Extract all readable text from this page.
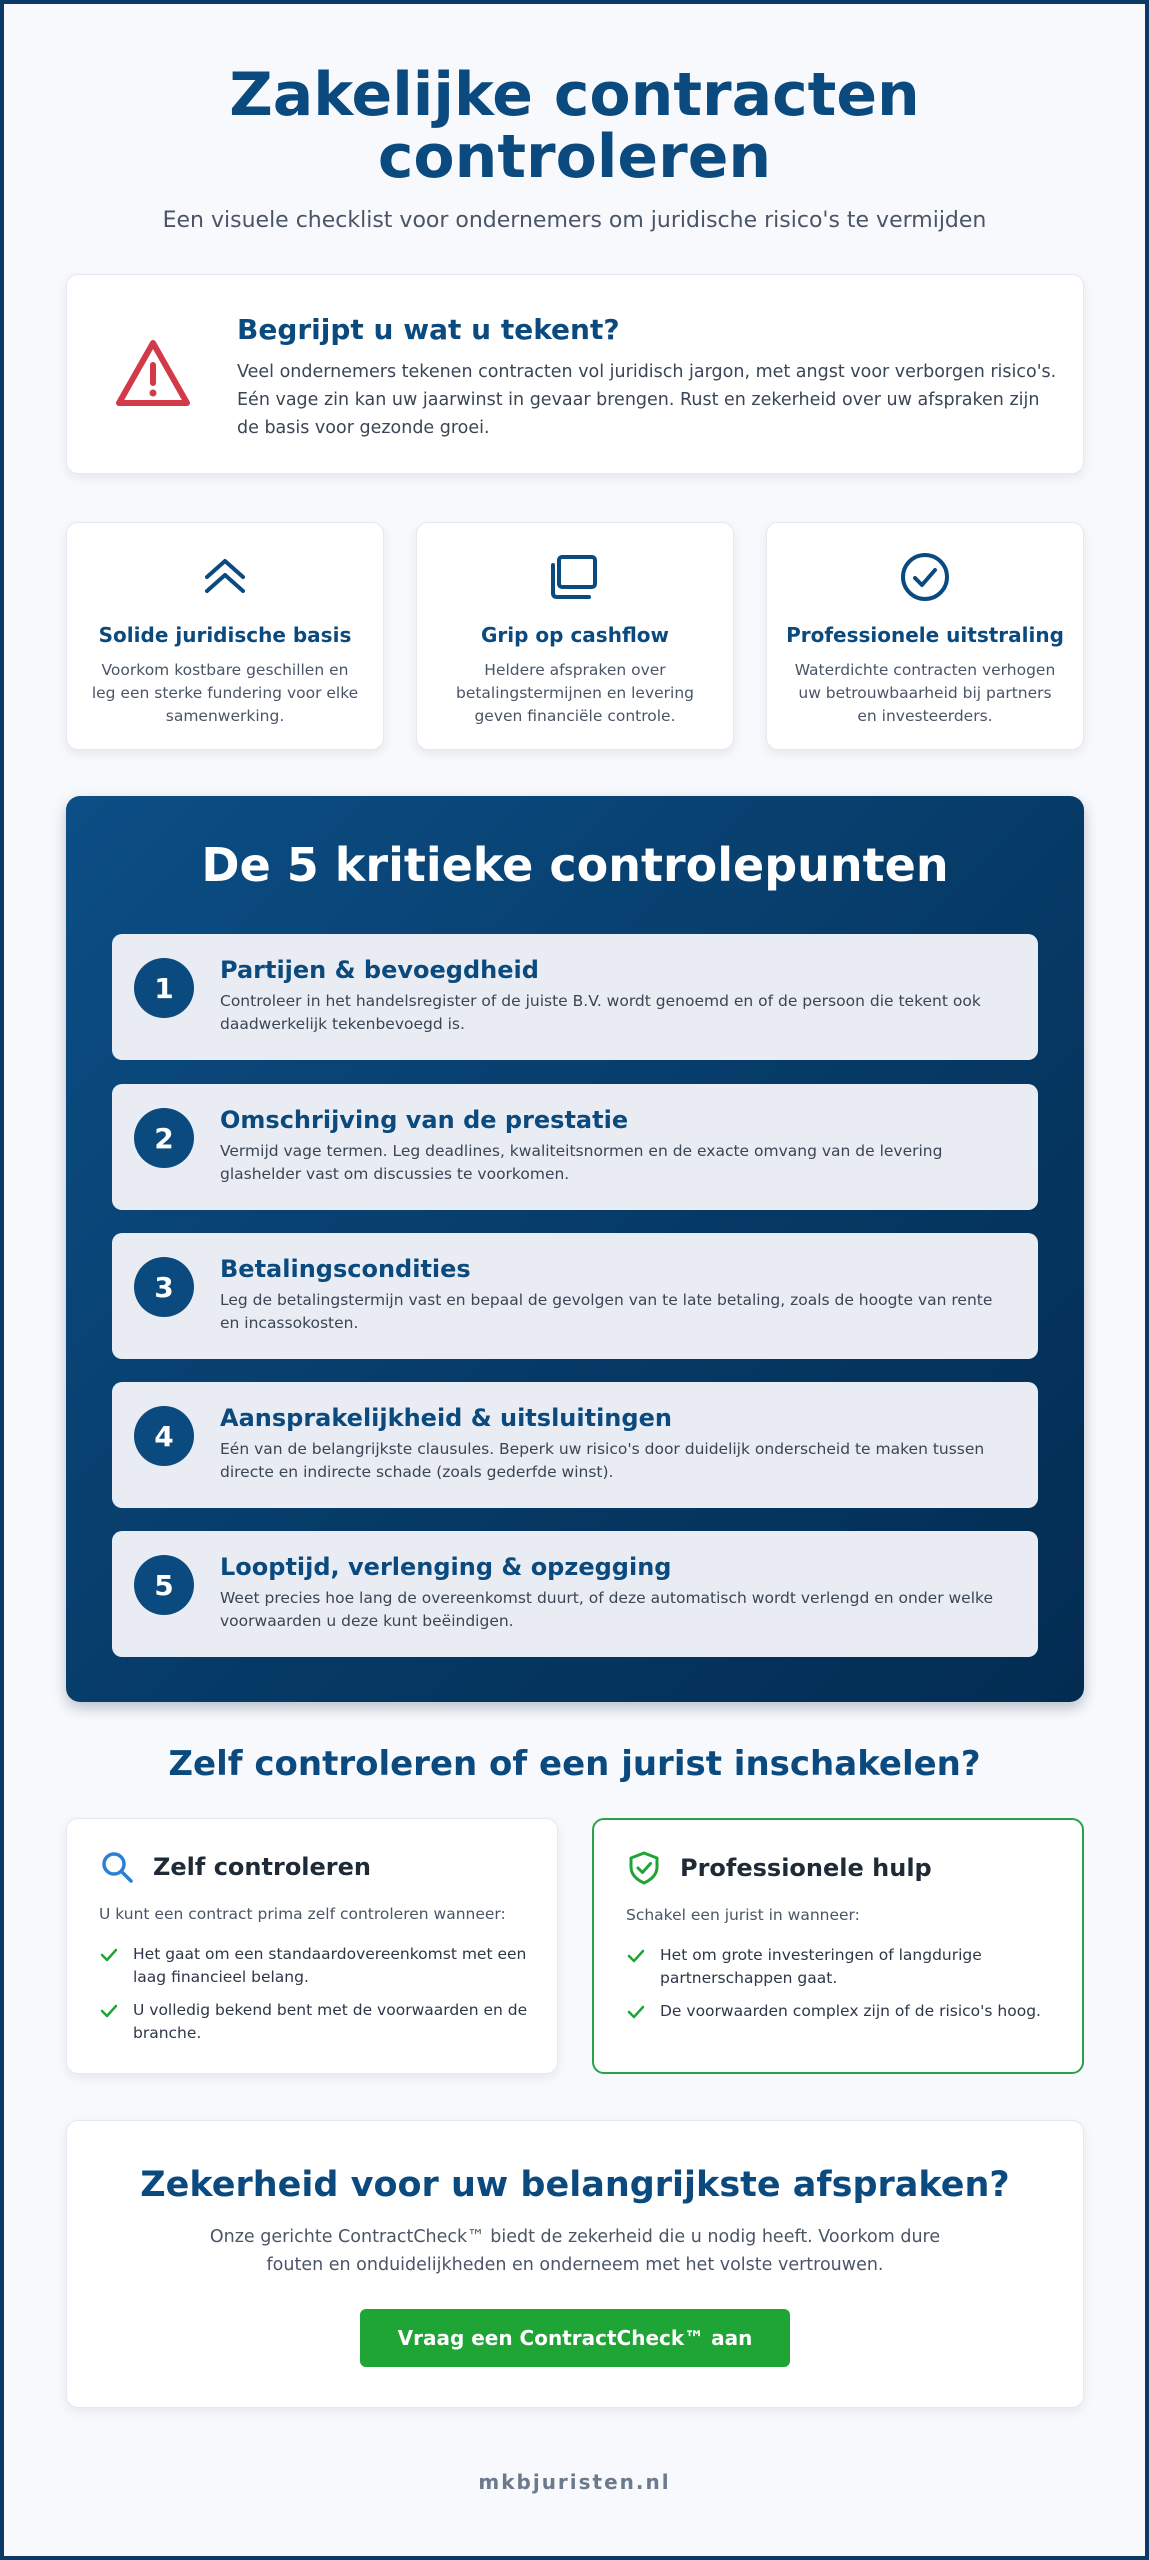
Zakelijke contracten controleren

Een visuele checklist voor ondernemers om juridische risico's te vermijden

Begrijpt u wat u tekent?

Veel ondernemers tekenen contracten vol juridisch jargon, met angst voor verborgen risico's. Eén vage zin kan uw jaarwinst in gevaar brengen. Rust en zekerheid over uw afspraken zijn de basis voor gezonde groei.

Solide juridische basis

Voorkom kostbare geschillen en leg een sterke fundering voor elke samenwerking.

Grip op cashflow

Heldere afspraken over betalingstermijnen en levering geven financiële controle.

Professionele uitstraling

Waterdichte contracten verhogen uw betrouwbaarheid bij partners en investeerders.

De 5 kritieke controlepunten
1
Partijen & bevoegdheid

Controleer in het handelsregister of de juiste B.V. wordt genoemd en of de persoon die tekent ook daadwerkelijk tekenbevoegd is.

2
Omschrijving van de prestatie

Vermijd vage termen. Leg deadlines, kwaliteitsnormen en de exacte omvang van de levering glashelder vast om discussies te voorkomen.

3
Betalingscondities

Leg de betalingstermijn vast en bepaal de gevolgen van te late betaling, zoals de hoogte van rente en incassokosten.

4
Aansprakelijkheid & uitsluitingen

Eén van de belangrijkste clausules. Beperk uw risico's door duidelijk onderscheid te maken tussen directe en indirecte schade (zoals gederfde winst).

5
Looptijd, verlenging & opzegging

Weet precies hoe lang de overeenkomst duurt, of deze automatisch wordt verlengd en onder welke voorwaarden u deze kunt beëindigen.

Zelf controleren of een jurist inschakelen?
Zelf controleren

U kunt een contract prima zelf controleren wanneer:

Het gaat om een standaardovereenkomst met een laag financieel belang.
U volledig bekend bent met de voorwaarden en de branche.
Professionele hulp

Schakel een jurist in wanneer:

Het om grote investeringen of langdurige partnerschappen gaat.
De voorwaarden complex zijn of de risico's hoog.
Zekerheid voor uw belangrijkste afspraken?

Onze gerichte ContractCheck™ biedt de zekerheid die u nodig heeft. Voorkom dure fouten en onduidelijkheden en onderneem met het volste vertrouwen.

Vraag een ContractCheck™ aan
mkbjuristen.nl
